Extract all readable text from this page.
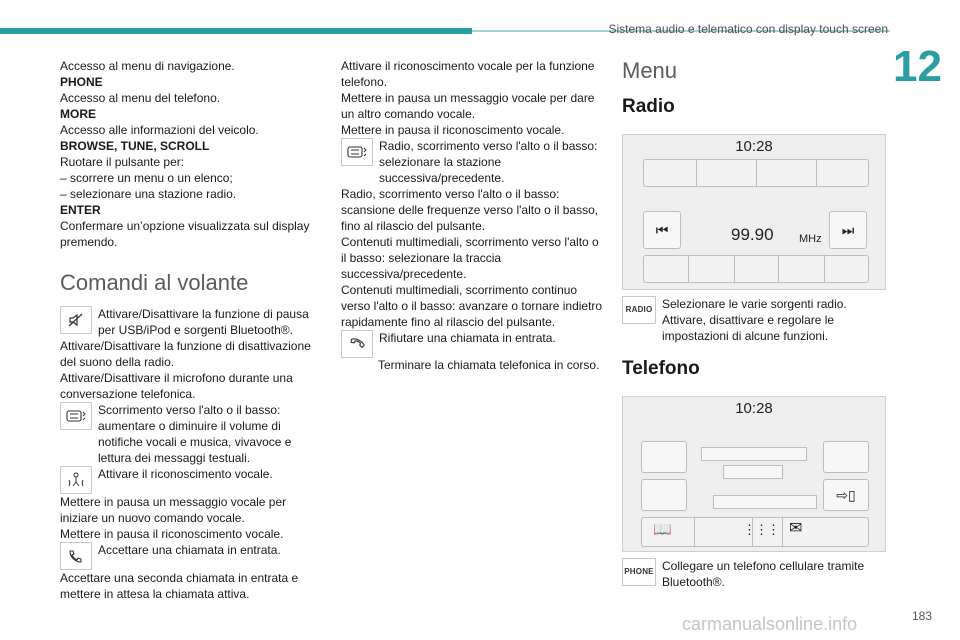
Sistema audio e telematico con display touch screen
12

Accesso al menu di navigazione.

PHONE

Accesso al menu del telefono.

MORE

Accesso alle informazioni del veicolo.

BROWSE, TUNE, SCROLL

Ruotare il pulsante per:

– scorrere un menu o un elenco;

– selezionare una stazione radio.

ENTER

Confermare un’opzione visualizzata sul display premendo.

Comandi al volante

Attivare/Disattivare la funzione di pausa per USB/iPod e sorgenti Bluetooth®.

Attivare/Disattivare la funzione di disattivazione del suono della radio.

Attivare/Disattivare il microfono durante una conversazione telefonica.

Scorrimento verso l'alto o il basso: aumentare o diminuire il volume di notifiche vocali e musica, vivavoce e lettura dei messaggi testuali.

Attivare il riconoscimento vocale.

Mettere in pausa un messaggio vocale per iniziare un nuovo comando vocale.

Mettere in pausa il riconoscimento vocale.

Accettare una chiamata in entrata.

Accettare una seconda chiamata in entrata e mettere in attesa la chiamata attiva.

Attivare il riconoscimento vocale per la funzione telefono.

Mettere in pausa un messaggio vocale per dare un altro comando vocale.

Mettere in pausa il riconoscimento vocale.

Radio, scorrimento verso l'alto o il basso: selezionare la stazione successiva/precedente.

Radio, scorrimento verso l'alto o il basso: scansione delle frequenze verso l'alto o il basso, fino al rilascio del pulsante.

Contenuti multimediali, scorrimento verso l'alto o il basso: selezionare la traccia successiva/precedente.

Contenuti multimediali, scorrimento continuo verso l'alto o il basso: avanzare o tornare indietro rapidamente fino al rilascio del pulsante.

Rifiutare una chiamata in entrata.

Terminare la chiamata telefonica in corso.

Menu
Radio
10:28
⏮	99.90 MHz
⏭
RADIO Selezionare le varie sorgenti radio. Attivare, disattivare e regolare le impostazioni di alcune funzioni.

Telefono
10:28
⇨▯
📖	⋮⋮⋮ ✉
PHONE Collegare un telefono cellulare tramite Bluetooth®.

183
carmanualsonline.info
